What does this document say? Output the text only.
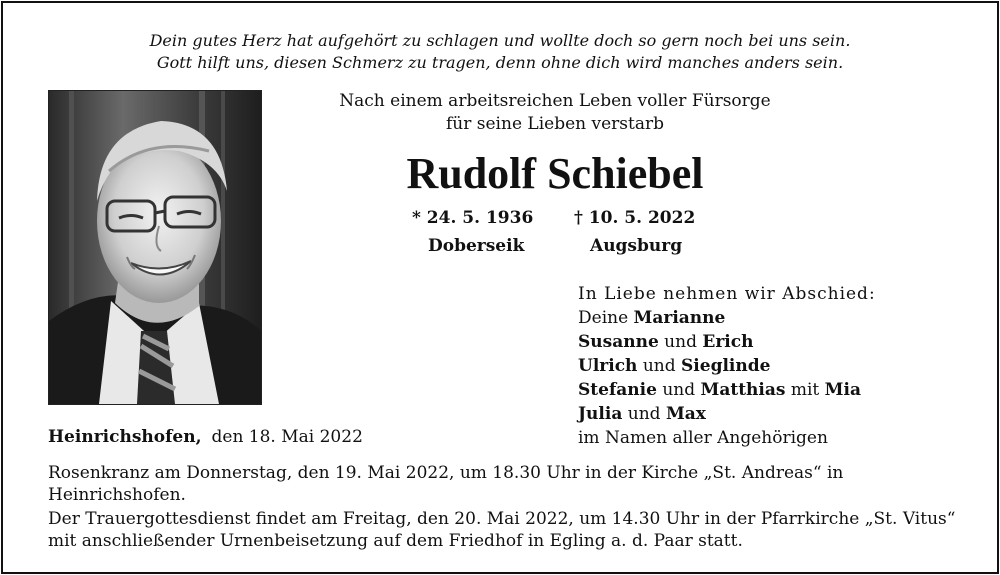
Dein gutes Herz hat aufgehört zu schlagen und wollte doch so gern noch bei uns sein.
Gott hilft uns, diesen Schmerz zu tragen, denn ohne dich wird manches anders sein.
Nach einem arbeitsreichen Leben voller Fürsorge
für seine Lieben verstarb
Rudolf Schiebel
* 24. 5. 1936 † 10. 5. 2022
Doberseik	Augsburg
In Liebe nehmen wir Abschied:
Deine Marianne
Susanne und Erich
Ulrich und Sieglinde
Stefanie und Matthias mit Mia
Julia und Max
im Namen aller Angehörigen
Heinrichshofen, den 18. Mai 2022
Rosenkranz am Donnerstag, den 19. Mai 2022, um 18.30 Uhr in der Kirche „St. Andreas“ in Heinrichshofen.
Der Trauergottesdienst findet am Freitag, den 20. Mai 2022, um 14.30 Uhr in der Pfarrkirche „St. Vitus“ mit anschließender Urnenbeisetzung auf dem Friedhof in Egling a. d. Paar statt.
